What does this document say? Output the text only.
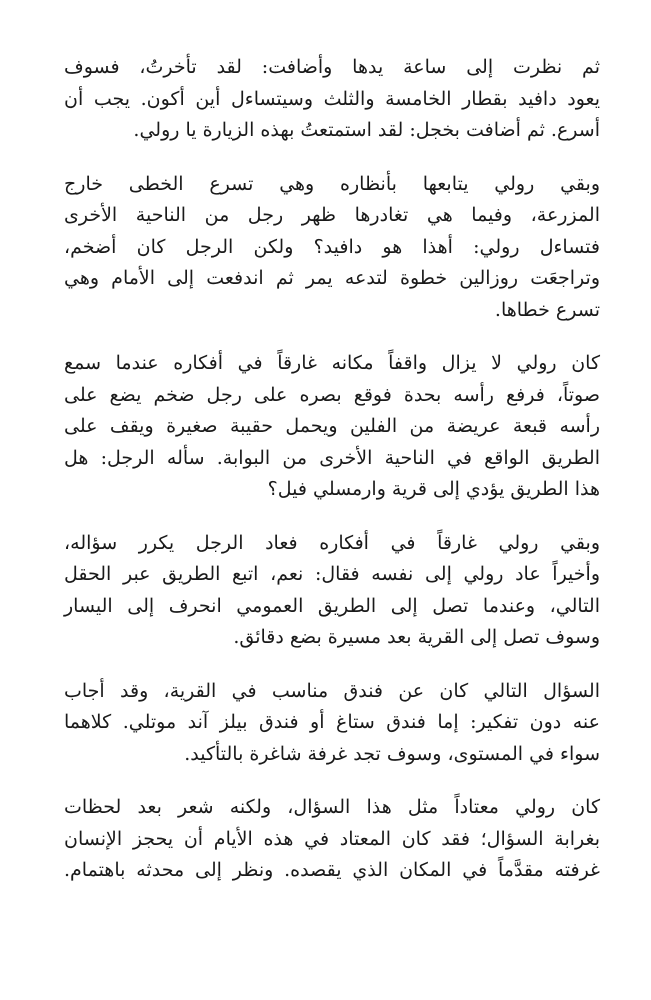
ثم نظرت إلى ساعة يدها وأضافت: لقد تأخرتُ، فسوف
يعود دافيد بقطار الخامسة والثلث وسيتساءل أين أكون. يجب أن
أسرع. ثم أضافت بخجل: لقد استمتعتُ بهذه الزيارة يا رولي.

وبقي رولي يتابعها بأنظاره وهي تسرع الخطى خارج
المزرعة، وفيما هي تغادرها ظهر رجل من الناحية الأخرى
فتساءل رولي: أهذا هو دافيد؟ ولكن الرجل كان أضخم،
وتراجعَت روزالين خطوة لتدعه يمر ثم اندفعت إلى الأمام وهي
تسرع خطاها.

كان رولي لا يزال واقفاً مكانه غارقاً في أفكاره عندما سمع
صوتاً، فرفع رأسه بحدة فوقع بصره على رجل ضخم يضع على
رأسه قبعة عريضة من الفلين ويحمل حقيبة صغيرة ويقف على
الطريق الواقع في الناحية الأخرى من البوابة. سأله الرجل: هل
هذا الطريق يؤدي إلى قرية وارمسلي فيل؟

وبقي رولي غارقاً في أفكاره فعاد الرجل يكرر سؤاله،
وأخيراً عاد رولي إلى نفسه فقال: نعم، اتبع الطريق عبر الحقل
التالي، وعندما تصل إلى الطريق العمومي انحرف إلى اليسار
وسوف تصل إلى القرية بعد مسيرة بضع دقائق.

السؤال التالي كان عن فندق مناسب في القرية، وقد أجاب
عنه دون تفكير: إما فندق ستاغ أو فندق بيلز آند موتلي. كلاهما
سواء في المستوى، وسوف تجد غرفة شاغرة بالتأكيد.

كان رولي معتاداً مثل هذا السؤال، ولكنه شعر بعد لحظات
بغرابة السؤال؛ فقد كان المعتاد في هذه الأيام أن يحجز الإنسان
غرفته مقدَّماً في المكان الذي يقصده. ونظر إلى محدثه باهتمام.
